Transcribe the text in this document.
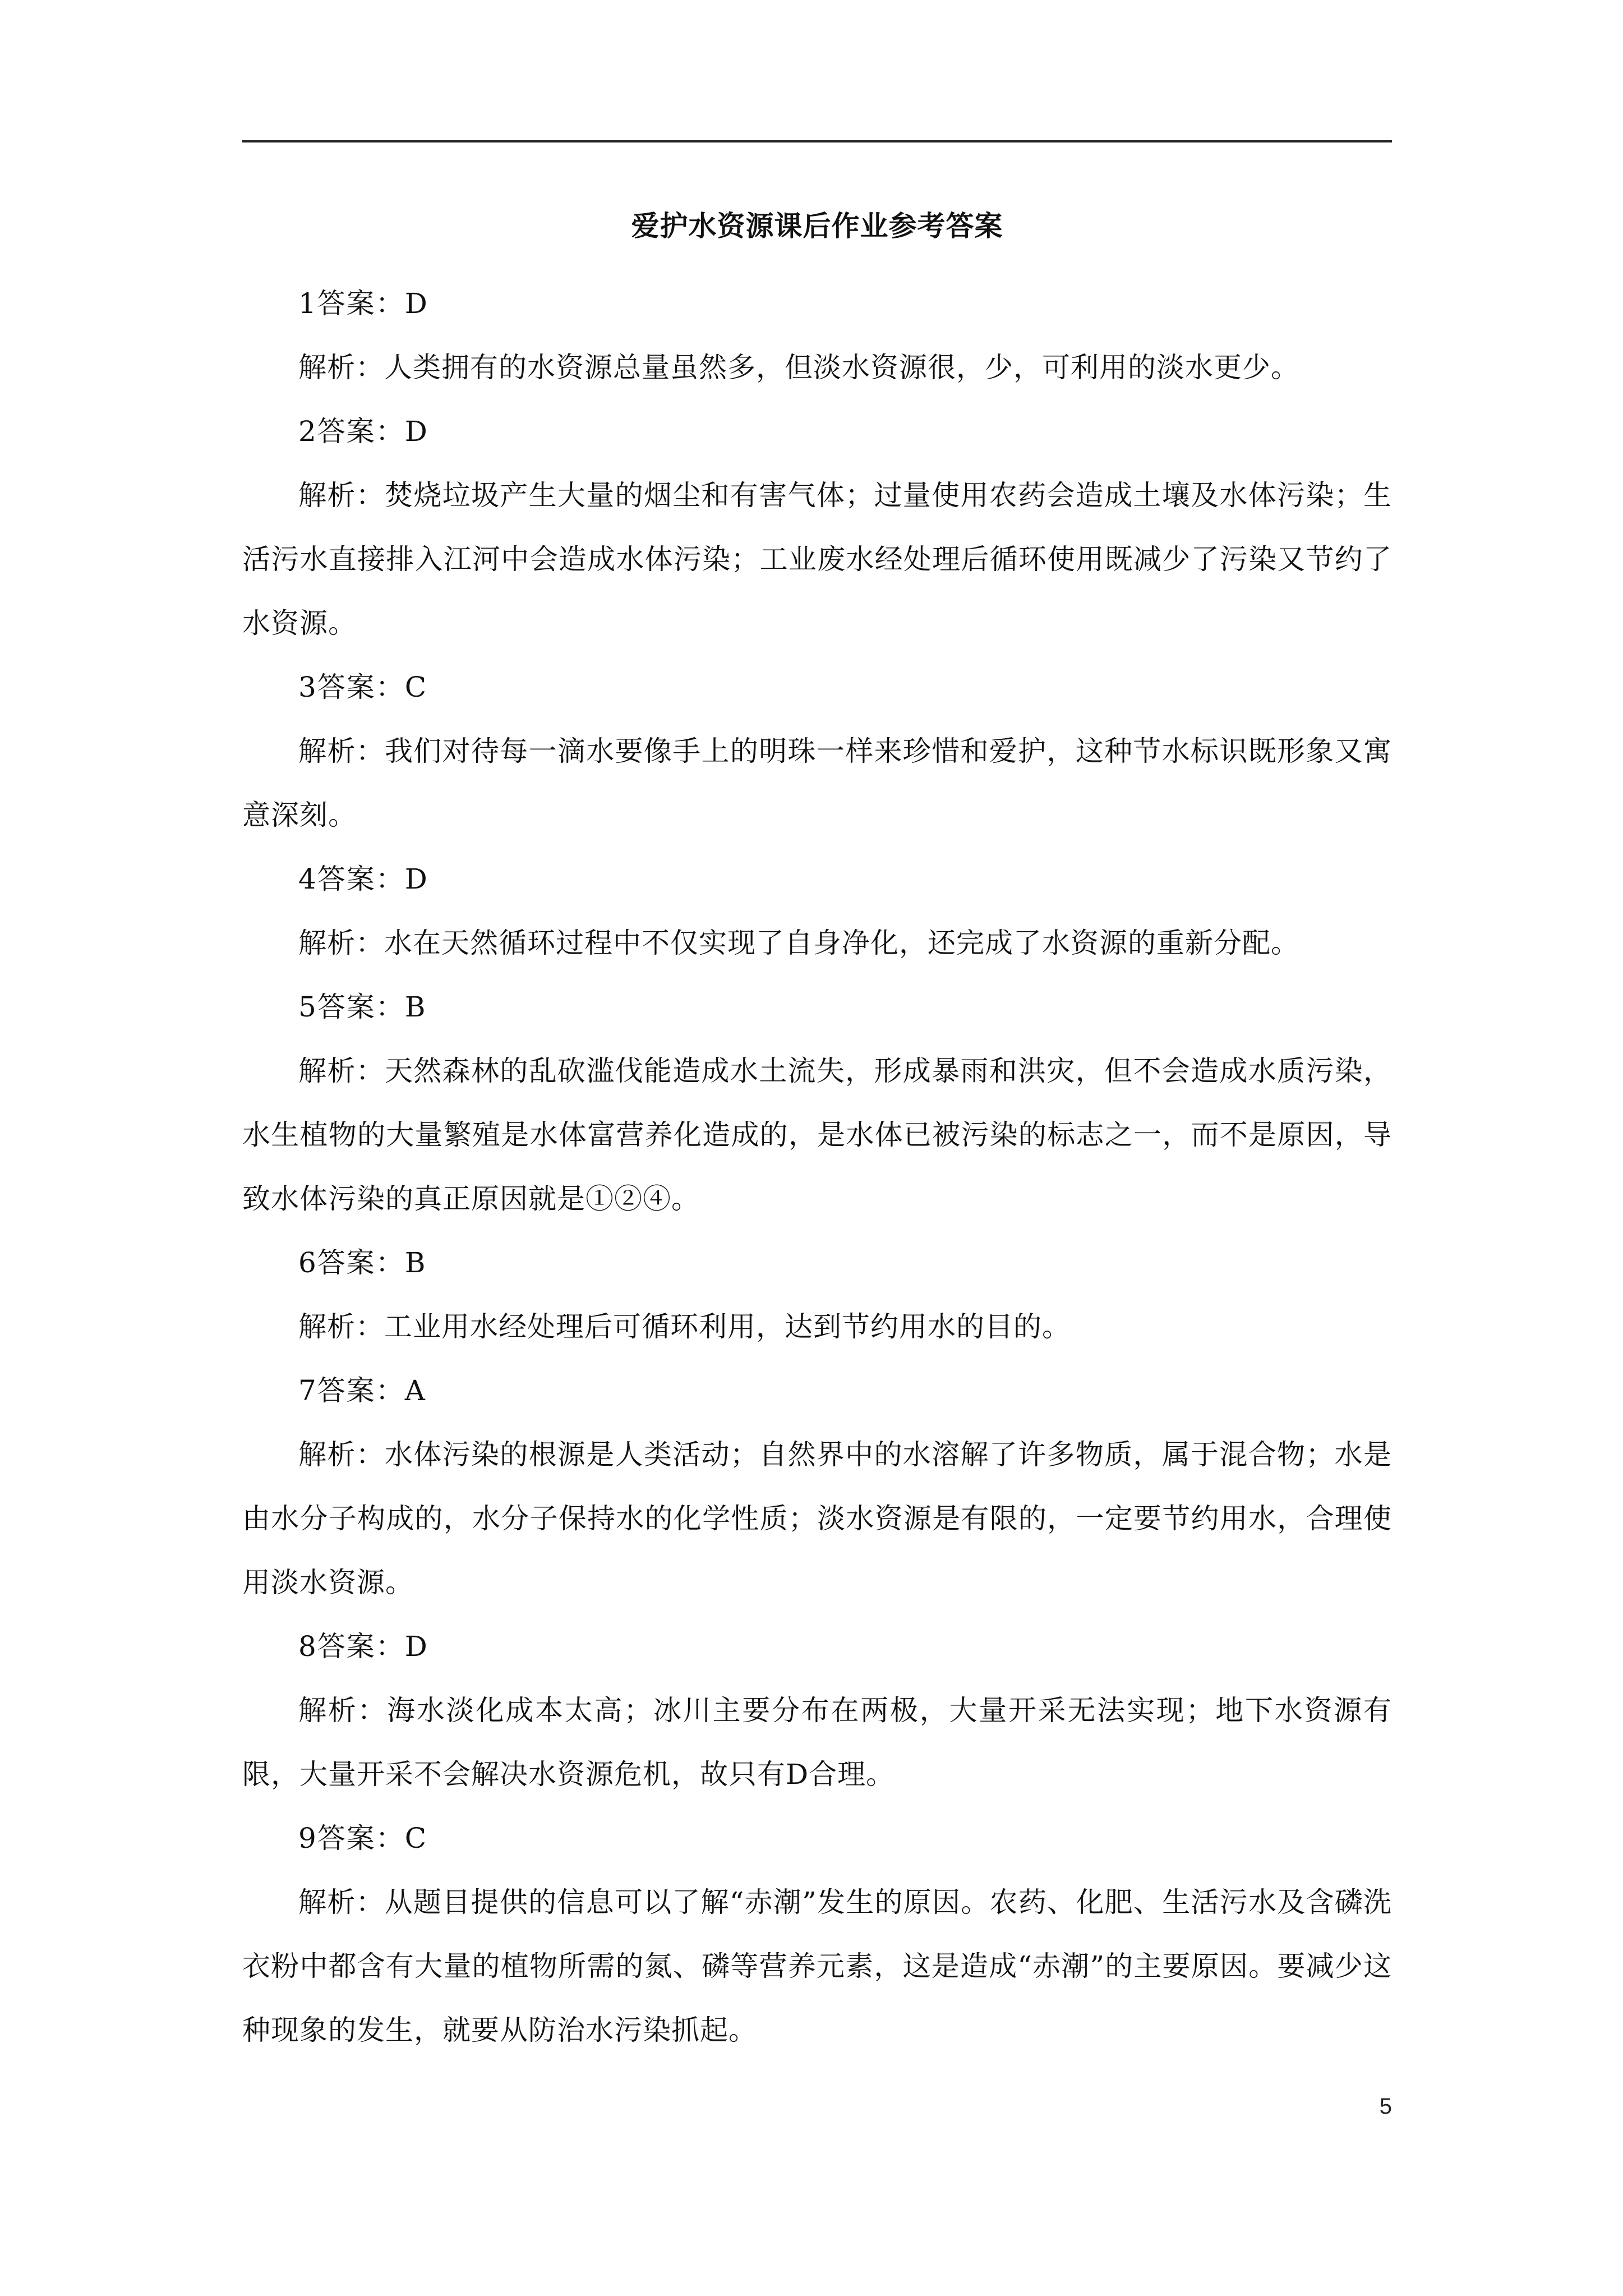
爱护水资源课后作业参考答案
1答案：D
解析：人类拥有的水资源总量虽然多，但淡水资源很，少，可利用的淡水更少。
2答案：D
解析：焚烧垃圾产生大量的烟尘和有害气体；过量使用农药会造成土壤及水体污染；生活污水直接排入江河中会造成水体污染；工业废水经处理后循环使用既减少了污染又节约了水资源。
3答案：C
解析：我们对待每一滴水要像手上的明珠一样来珍惜和爱护，这种节水标识既形象又寓意深刻。
4答案：D
解析：水在天然循环过程中不仅实现了自身净化，还完成了水资源的重新分配。
5答案：B
解析：天然森林的乱砍滥伐能造成水土流失，形成暴雨和洪灾，但不会造成水质污染，水生植物的大量繁殖是水体富营养化造成的，是水体已被污染的标志之一，而不是原因，导致水体污染的真正原因就是①②④。
6答案：B
解析：工业用水经处理后可循环利用，达到节约用水的目的。
7答案：A
解析：水体污染的根源是人类活动；自然界中的水溶解了许多物质，属于混合物；水是由水分子构成的，水分子保持水的化学性质；淡水资源是有限的，一定要节约用水，合理使用淡水资源。
8答案：D
解析：海水淡化成本太高；冰川主要分布在两极，大量开采无法实现；地下水资源有限，大量开采不会解决水资源危机，故只有D合理。
9答案：C
解析：从题目提供的信息可以了解“赤潮”发生的原因。农药、化肥、生活污水及含磷洗衣粉中都含有大量的植物所需的氮、磷等营养元素，这是造成“赤潮”的主要原因。要减少这种现象的发生，就要从防治水污染抓起。
5
